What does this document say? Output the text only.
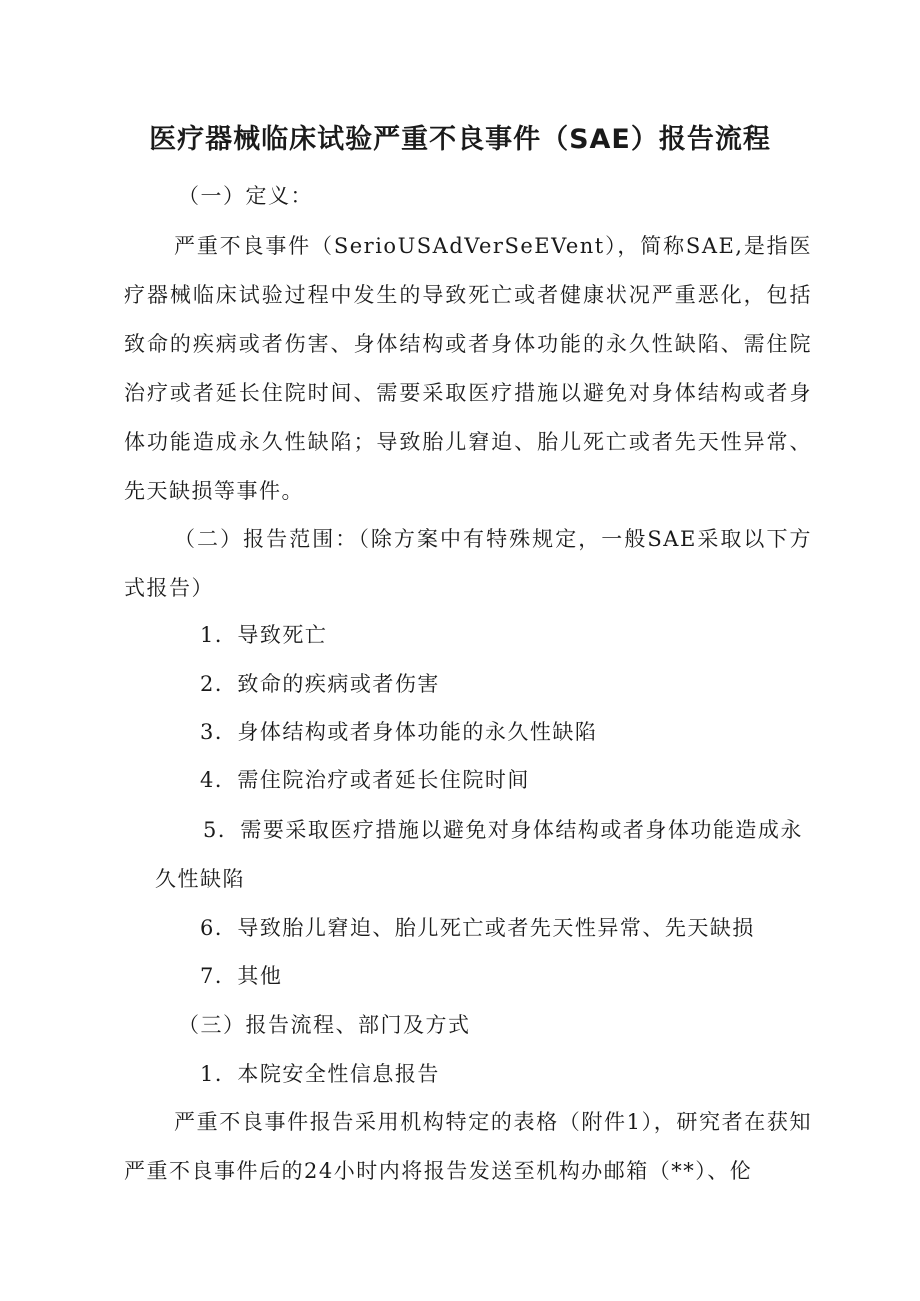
医疗器械临床试验严重不良事件（SAE）报告流程
（一）定义：
严重不良事件（SerioUSAdVerSeEVent），简称SAE,是指医疗器械临床试验过程中发生的导致死亡或者健康状况严重恶化，包括致命的疾病或者伤害、身体结构或者身体功能的永久性缺陷、需住院治疗或者延长住院时间、需要采取医疗措施以避免对身体结构或者身体功能造成永久性缺陷；导致胎儿窘迫、胎儿死亡或者先天性异常、先天缺损等事件。
（二）报告范围：（除方案中有特殊规定，一般SAE采取以下方式报告）
1．导致死亡
2．致命的疾病或者伤害
3．身体结构或者身体功能的永久性缺陷
4．需住院治疗或者延长住院时间
5．需要采取医疗措施以避免对身体结构或者身体功能造成永久性缺陷
6．导致胎儿窘迫、胎儿死亡或者先天性异常、先天缺损
7．其他
（三）报告流程、部门及方式
1．本院安全性信息报告
严重不良事件报告采用机构特定的表格（附件1），研究者在获知严重不良事件后的24小时内将报告发送至机构办邮箱（**）、伦
